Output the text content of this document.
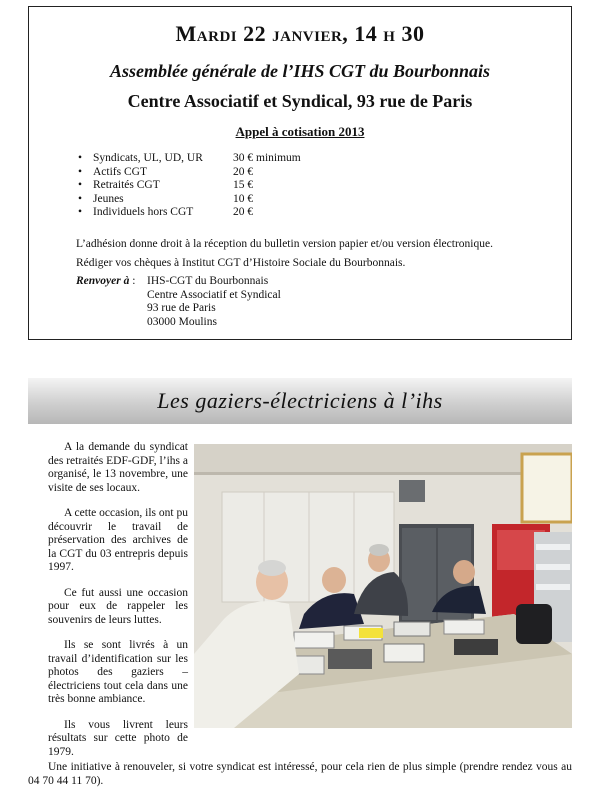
Mardi 22 janvier, 14 h 30
Assemblée générale de l’IHS CGT du Bourbonnais
Centre Associatif et Syndical, 93 rue de Paris
Appel à cotisation 2013
• Syndicats, UL, UD, UR	30 € minimum
• Actifs CGT	20 €
• Retraités CGT	15 €
• Jeunes	10 €
• Individuels hors CGT	20 €
L’adhésion donne droit à la réception du bulletin version papier et/ou version électronique.
Rédiger vos chèques à Institut CGT d’Histoire Sociale du Bourbonnais.
Renvoyer à : IHS-CGT du Bourbonnais
Centre Associatif et Syndical
93 rue de Paris
03000 Moulins
Les gaziers-électriciens à l’ihs

A la demande du syndicat des retraités EDF-GDF, l’ihs a organisé, le 13 novembre, une visite de ses locaux.

A cette occasion, ils ont pu découvrir le travail de préservation des archives de la CGT du 03 entrepris depuis 1997.

Ce fut aussi une occasion pour eux de rappeler les souvenirs de leurs luttes.

Ils se sont livrés à un travail d’identification sur les photos des gaziers – électriciens tout cela dans une très bonne ambiance.

Ils vous livrent leurs résultats sur cette photo de 1979.

Une initiative à renouveler, si votre syndicat est intéressé, pour cela rien de plus simple (prendre rendez vous au 04 70 44 11 70).
